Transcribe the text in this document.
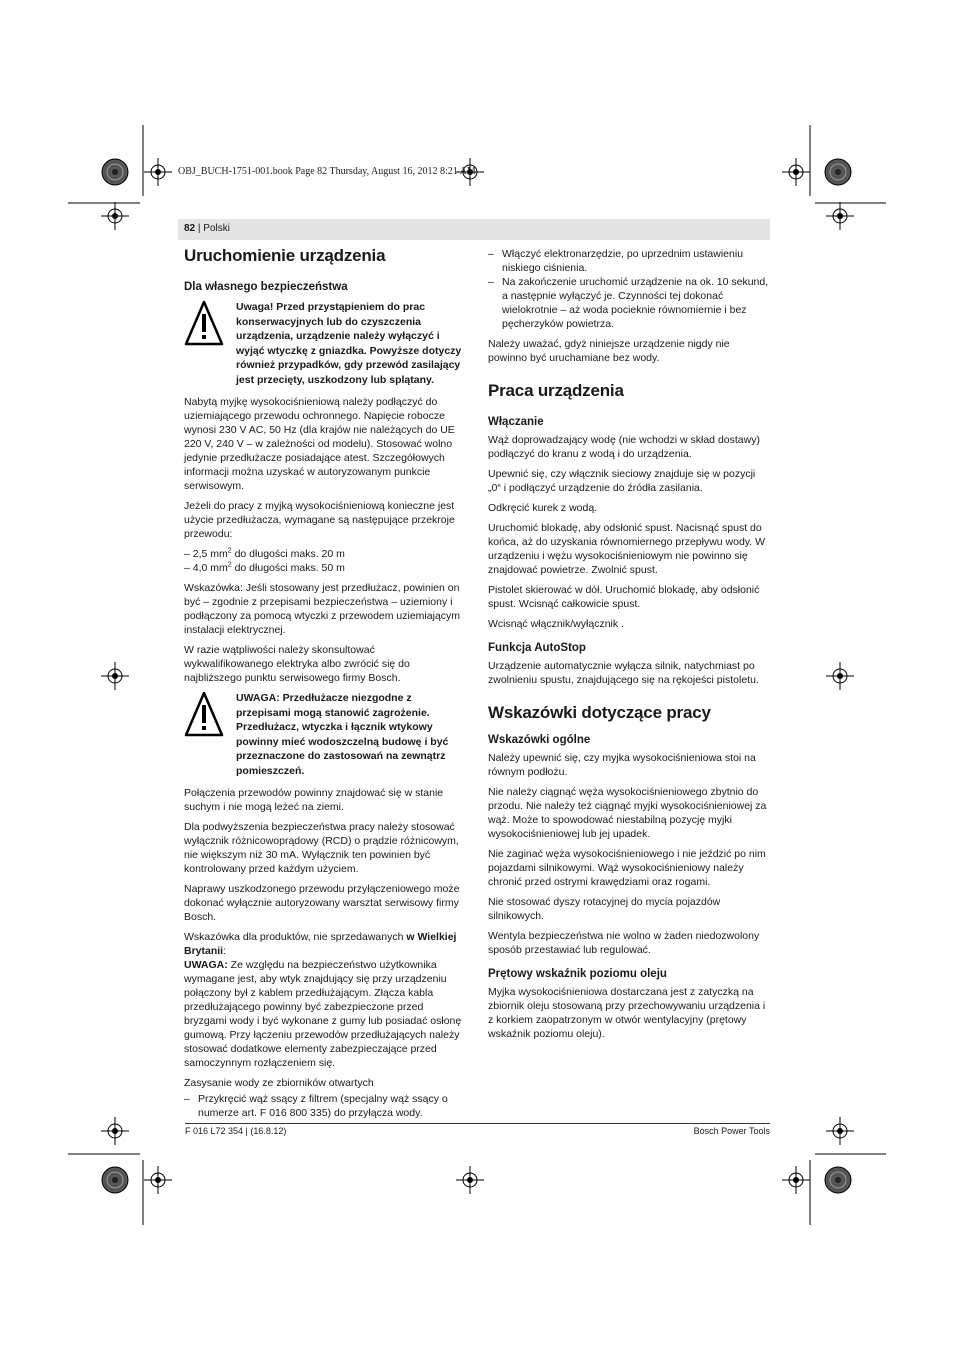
OBJ_BUCH-1751-001.book Page 82 Thursday, August 16, 2012 8:21 AM
82 | Polski
Uruchomienie urządzenia
Dla własnego bezpieczeństwa
Uwaga! Przed przystąpieniem do prac konserwacyjnych lub do czyszczenia urządzenia, urządzenie należy wyłączyć i wyjąć wtyczkę z gniazdka. Powyższe dotyczy również przypadków, gdy przewód zasilający jest przecięty, uszkodzony lub splątany.

Nabytą myjkę wysokociśnieniową należy podłączyć do uziemiającego przewodu ochronnego. Napięcie robocze wynosi 230 V AC, 50 Hz (dla krajów nie należących do UE 220 V, 240 V – w zależności od modelu). Stosować wolno jedynie przedłużacze posiadające atest. Szczegółowych informacji można uzyskać w autoryzowanym punkcie serwisowym.

Jeżeli do pracy z myjką wysokociśnieniową konieczne jest użycie przedłużacza, wymagane są następujące przekroje przewodu:

– 2,5 $mm^2$ do długości maks. 20 m
– 4,0 $mm^2$ do długości maks. 50 m

Wskazówka: Jeśli stosowany jest przedłużacz, powinien on być – zgodnie z przepisami bezpieczeństwa – uziemiony i podłączony za pomocą wtyczki z przewodem uziemiającym instalacji elektrycznej.

W razie wątpliwości należy skonsultować wykwalifikowanego elektryka albo zwrócić się do najbliższego punktu serwisowego firmy Bosch.

UWAGA: Przedłużacze niezgodne z przepisami mogą stanowić zagrożenie. Przedłużacz, wtyczka i łącznik wtykowy powinny mieć wodoszczelną budowę i być przeznaczone do zastosowań na zewnątrz pomieszczeń.

Połączenia przewodów powinny znajdować się w stanie suchym i nie mogą leżeć na ziemi.

Dla podwyższenia bezpieczeństwa pracy należy stosować wyłącznik różnicowoprądowy (RCD) o prądzie różnicowym, nie większym niż 30 mA. Wyłącznik ten powinien być kontrolowany przed każdym użyciem.

Naprawy uszkodzonego przewodu przyłączeniowego może dokonać wyłącznie autoryzowany warsztat serwisowy firmy Bosch.

Wskazówka dla produktów, nie sprzedawanych w Wielkiej Brytanii:

UWAGA: Ze względu na bezpieczeństwo użytkownika wymagane jest, aby wtyk znajdujący się przy urządzeniu połączony był z kablem przedłużającym. Złącza kabla przedłużającego powinny być zabezpieczone przed bryzgami wody i być wykonane z gumy lub posiadać osłonę gumową. Przy łączeniu przewodów przedłużających należy stosować dodatkowe elementy zabezpieczające przed samoczynnym rozłączeniem się.

Zasysanie wody ze zbiorników otwartych

– Przykręcić wąż ssący z filtrem (specjalny wąż ssący o numerze art. F 016 800 335) do przyłącza wody.
– Włączyć elektronarzędzie, po uprzednim ustawieniu niskiego ciśnienia.
– Na zakończenie uruchomić urządzenie na ok. 10 sekund, a następnie wyłączyć je. Czynności tej dokonać wielokrotnie – aż woda pocieknie równomiernie i bez pęcherzyków powietrza.

Należy uważać, gdyż niniejsze urządzenie nigdy nie powinno być uruchamiane bez wody.

Praca urządzenia
Włączanie

Wąż doprowadzający wodę (nie wchodzi w skład dostawy) podłączyć do kranu z wodą i do urządzenia.

Upewnić się, czy włącznik sieciowy znajduje się w pozycji „0“ i podłączyć urządzenie do źródła zasilania.

Odkręcić kurek z wodą.

Uruchomić blokadę, aby odsłonić spust. Nacisnąć spust do końca, aż do uzyskania równomiernego przepływu wody. W urządzeniu i wężu wysokociśnieniowym nie powinno się znajdować powietrze. Zwolnić spust.

Pistolet skierować w dół. Uruchomić blokadę, aby odsłonić spust. Wcisnąć całkowicie spust.

Wcisnąć włącznik/wyłącznik .

Funkcja AutoStop

Urządzenie automatycznie wyłącza silnik, natychmiast po zwolnieniu spustu, znajdującego się na rękojeści pistoletu.

Wskazówki dotyczące pracy
Wskazówki ogólne

Należy upewnić się, czy myjka wysokociśnieniowa stoi na równym podłożu.

Nie należy ciągnąć węża wysokociśnieniowego zbytnio do przodu. Nie należy też ciągnąć myjki wysokociśnieniowej za wąż. Może to spowodować niestabilną pozycję myjki wysokociśnieniowej lub jej upadek.

Nie zaginać węża wysokociśnieniowego i nie jeździć po nim pojazdami silnikowymi. Wąż wysokociśnieniowy należy chronić przed ostrymi krawędziami oraz rogami.

Nie stosować dyszy rotacyjnej do mycia pojazdów silnikowych.

Wentyla bezpieczeństwa nie wolno w żaden niedozwolony sposób przestawiać lub regulować.

Prętowy wskaźnik poziomu oleju

Myjka wysokociśnieniowa dostarczana jest z zatyczką na zbiornik oleju stosowaną przy przechowywaniu urządzenia i z korkiem zaopatrzonym w otwór wentylacyjny (prętowy wskaźnik poziomu oleju).

F 016 L72 354 | (16.8.12)	Bosch Power Tools
